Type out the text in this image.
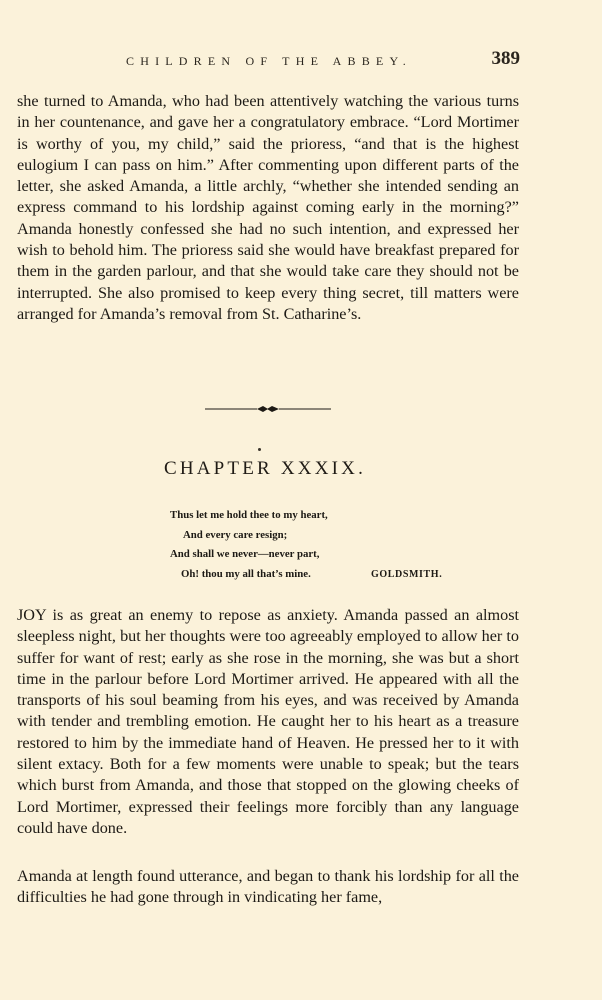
CHILDREN OF THE ABBEY.	389

she turned to Amanda, who had been attentively watching the various turns in her countenance, and gave her a congratulatory embrace. “Lord Mortimer is worthy of you, my child,” said the prioress, “and that is the highest eulogium I can pass on him.” After commenting upon different parts of the letter, she asked Amanda, a little archly, “whether she intended sending an express command to his lordship against coming early in the morning?” Amanda honestly confessed she had no such intention, and expressed her wish to behold him. The prioress said she would have breakfast prepared for them in the garden parlour, and that she would take care they should not be interrupted. She also promised to keep every thing secret, till matters were arranged for Amanda’s removal from St. Catharine’s.

CHAPTER XXXIX.
Thus let me hold thee to my heart,
And every care resign;
And shall we never—never part,
Oh! thou my all that’s mine.	GOLDSMITH.

JOY is as great an enemy to repose as anxiety. Amanda passed an almost sleepless night, but her thoughts were too agreeably employed to allow her to suffer for want of rest; early as she rose in the morning, she was but a short time in the parlour before Lord Mortimer arrived. He appeared with all the transports of his soul beaming from his eyes, and was received by Amanda with tender and trembling emotion. He caught her to his heart as a treasure restored to him by the immediate hand of Heaven. He pressed her to it with silent extacy. Both for a few moments were unable to speak; but the tears which burst from Amanda, and those that stopped on the glowing cheeks of Lord Mortimer, expressed their feelings more forcibly than any language could have done.

Amanda at length found utterance, and began to thank his lordship for all the difficulties he had gone through in vindicating her fame,
